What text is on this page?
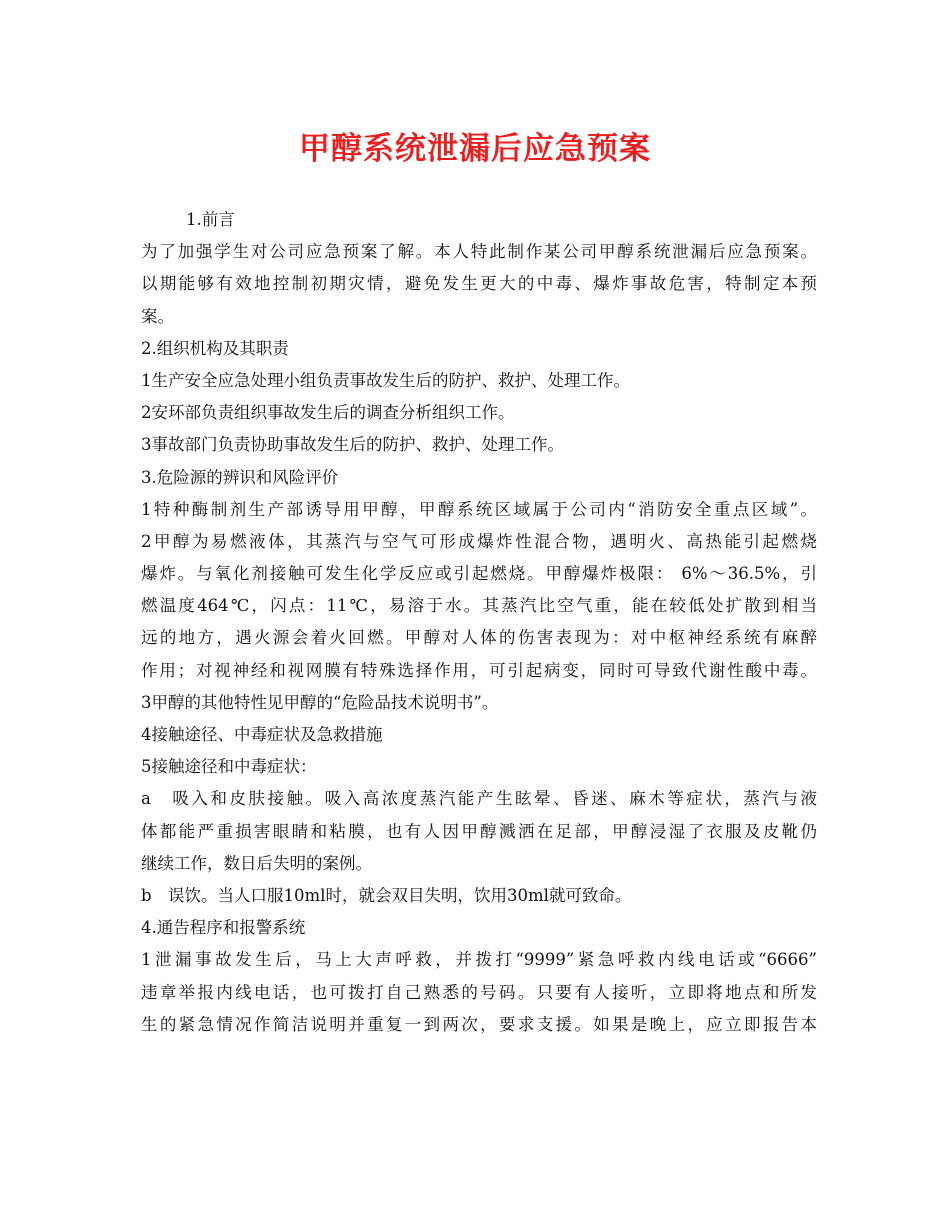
甲醇系统泄漏后应急预案
1.前言
为了加强学生对公司应急预案了解。本人特此制作某公司甲醇系统泄漏后应急预案。
以期能够有效地控制初期灾情，避免发生更大的中毒、爆炸事故危害，特制定本预
案。
2.组织机构及其职责
1生产安全应急处理小组负责事故发生后的防护、救护、处理工作。
2安环部负责组织事故发生后的调查分析组织工作。
3事故部门负责协助事故发生后的防护、救护、处理工作。
3.危险源的辨识和风险评价
1特种酶制剂生产部诱导用甲醇，甲醇系统区域属于公司内“消防安全重点区域”。
2甲醇为易燃液体，其蒸汽与空气可形成爆炸性混合物，遇明火、高热能引起燃烧
爆炸。与氧化剂接触可发生化学反应或引起燃烧。甲醇爆炸极限： 6%～36.5%，引
燃温度464℃，闪点：11℃，易溶于水。其蒸汽比空气重，能在较低处扩散到相当
远的地方，遇火源会着火回燃。甲醇对人体的伤害表现为：对中枢神经系统有麻醉
作用；对视神经和视网膜有特殊选择作用，可引起病变，同时可导致代谢性酸中毒。
3甲醇的其他特性见甲醇的“危险品技术说明书”。
4接触途径、中毒症状及急救措施
5接触途径和中毒症状：
a　吸入和皮肤接触。吸入高浓度蒸汽能产生眩晕、昏迷、麻木等症状，蒸汽与液
体都能严重损害眼睛和粘膜，也有人因甲醇溅洒在足部，甲醇浸湿了衣服及皮靴仍
继续工作，数日后失明的案例。
b　误饮。当人口服10ml时，就会双目失明，饮用30ml就可致命。
4.通告程序和报警系统
1泄漏事故发生后，马上大声呼救，并拨打“9999”紧急呼救内线电话或“6666”
违章举报内线电话，也可拨打自己熟悉的号码。只要有人接听，立即将地点和所发
生的紧急情况作简洁说明并重复一到两次，要求支援。如果是晚上，应立即报告本
